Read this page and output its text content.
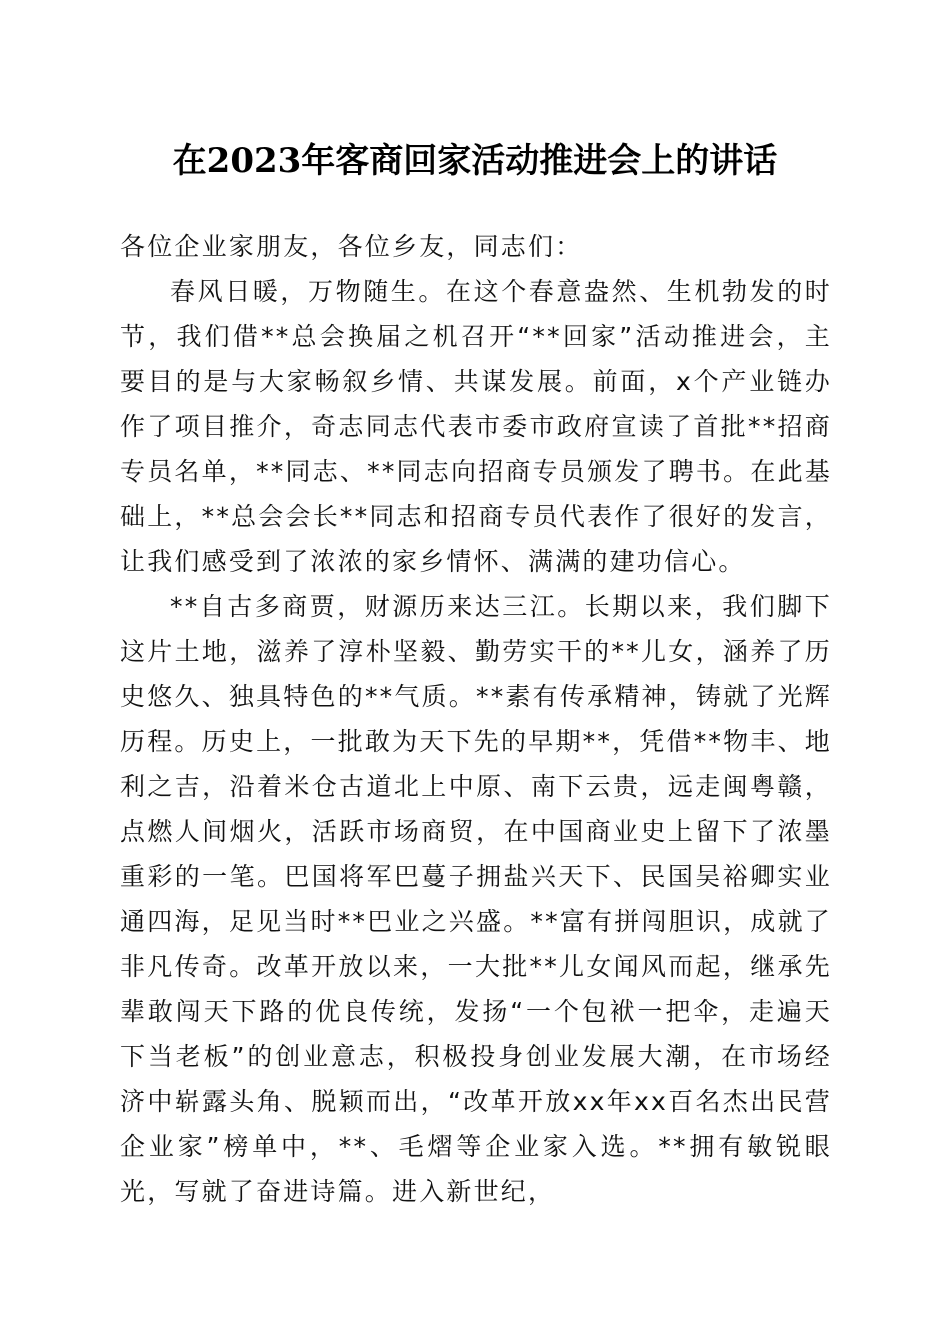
在2023年客商回家活动推进会上的讲话

各位企业家朋友，各位乡友，同志们：

春风日暖，万物随生。在这个春意盎然、生机勃发的时节，我们借**总会换届之机召开“**回家”活动推进会，主要目的是与大家畅叙乡情、共谋发展。前面，x个产业链办作了项目推介，奇志同志代表市委市政府宣读了首批**招商专员名单，**同志、**同志向招商专员颁发了聘书。在此基础上，**总会会长**同志和招商专员代表作了很好的发言，让我们感受到了浓浓的家乡情怀、满满的建功信心。

**自古多商贾，财源历来达三江。长期以来，我们脚下这片土地，滋养了淳朴坚毅、勤劳实干的**儿女，涵养了历史悠久、独具特色的**气质。**素有传承精神，铸就了光辉历程。历史上，一批敢为天下先的早期**，凭借**物丰、地利之吉，沿着米仓古道北上中原、南下云贵，远走闽粤赣，点燃人间烟火，活跃市场商贸，在中国商业史上留下了浓墨重彩的一笔。巴国将军巴蔓子拥盐兴天下、民国吴裕卿实业通四海，足见当时**巴业之兴盛。**富有拼闯胆识，成就了非凡传奇。改革开放以来，一大批**儿女闻风而起，继承先辈敢闯天下路的优良传统，发扬“一个包袱一把伞，走遍天下当老板”的创业意志，积极投身创业发展大潮，在市场经济中崭露头角、脱颖而出，“改革开放xx年xx百名杰出民营企业家”榜单中，**、毛熠等企业家入选。**拥有敏锐眼光，写就了奋进诗篇。进入新世纪，
